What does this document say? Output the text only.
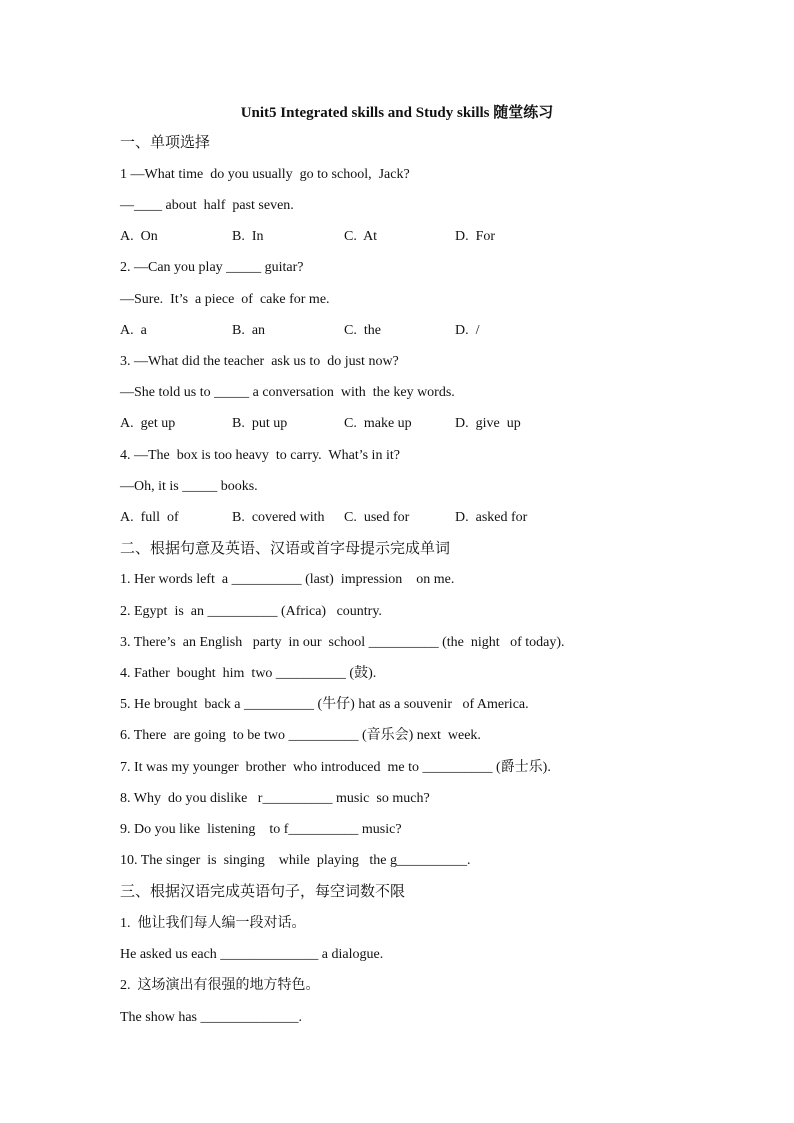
Unit5 Integrated skills and Study skills 随堂练习
一、单项选择
1 —What time  do you usually  go to school,  Jack?
—____ about  half  past seven.
A.  On	B.  In	C.  At	D.  For
2. —Can you play _____ guitar?
—Sure.  It’s  a piece  of  cake for me.
A.  a	B.  an	C.  the	D.  /
3. —What did the teacher  ask us to  do just now?
—She told us to _____ a conversation  with  the key words.
A.  get up	B.  put up	C.  make up	D.  give  up
4. —The  box is too heavy  to carry.  What’s in it?
—Oh, it is _____ books.
A.  full  of	B.  covered with C.  used for	D.  asked for
二、根据句意及英语、汉语或首字母提示完成单词
1. Her words left  a __________ (last)  impression    on me.
2. Egypt  is  an __________ (Africa)   country.
3. There’s  an English   party  in our  school __________ (the  night   of today).
4. Father  bought  him  two __________ (鼓).
5. He brought  back a __________ (牛仔) hat as a souvenir   of America.
6. There  are going  to be two __________ (音乐会) next  week.
7. It was my younger  brother  who introduced  me to __________ (爵士乐).
8. Why  do you dislike   r__________ music  so much?
9. Do you like  listening    to f__________ music?
10. The singer  is  singing    while  playing   the g__________.
三、根据汉语完成英语句子，每空词数不限
1.  他让我们每人编一段对话。
He asked us each ______________ a dialogue.
2.  这场演出有很强的地方特色。
The show has ______________.
